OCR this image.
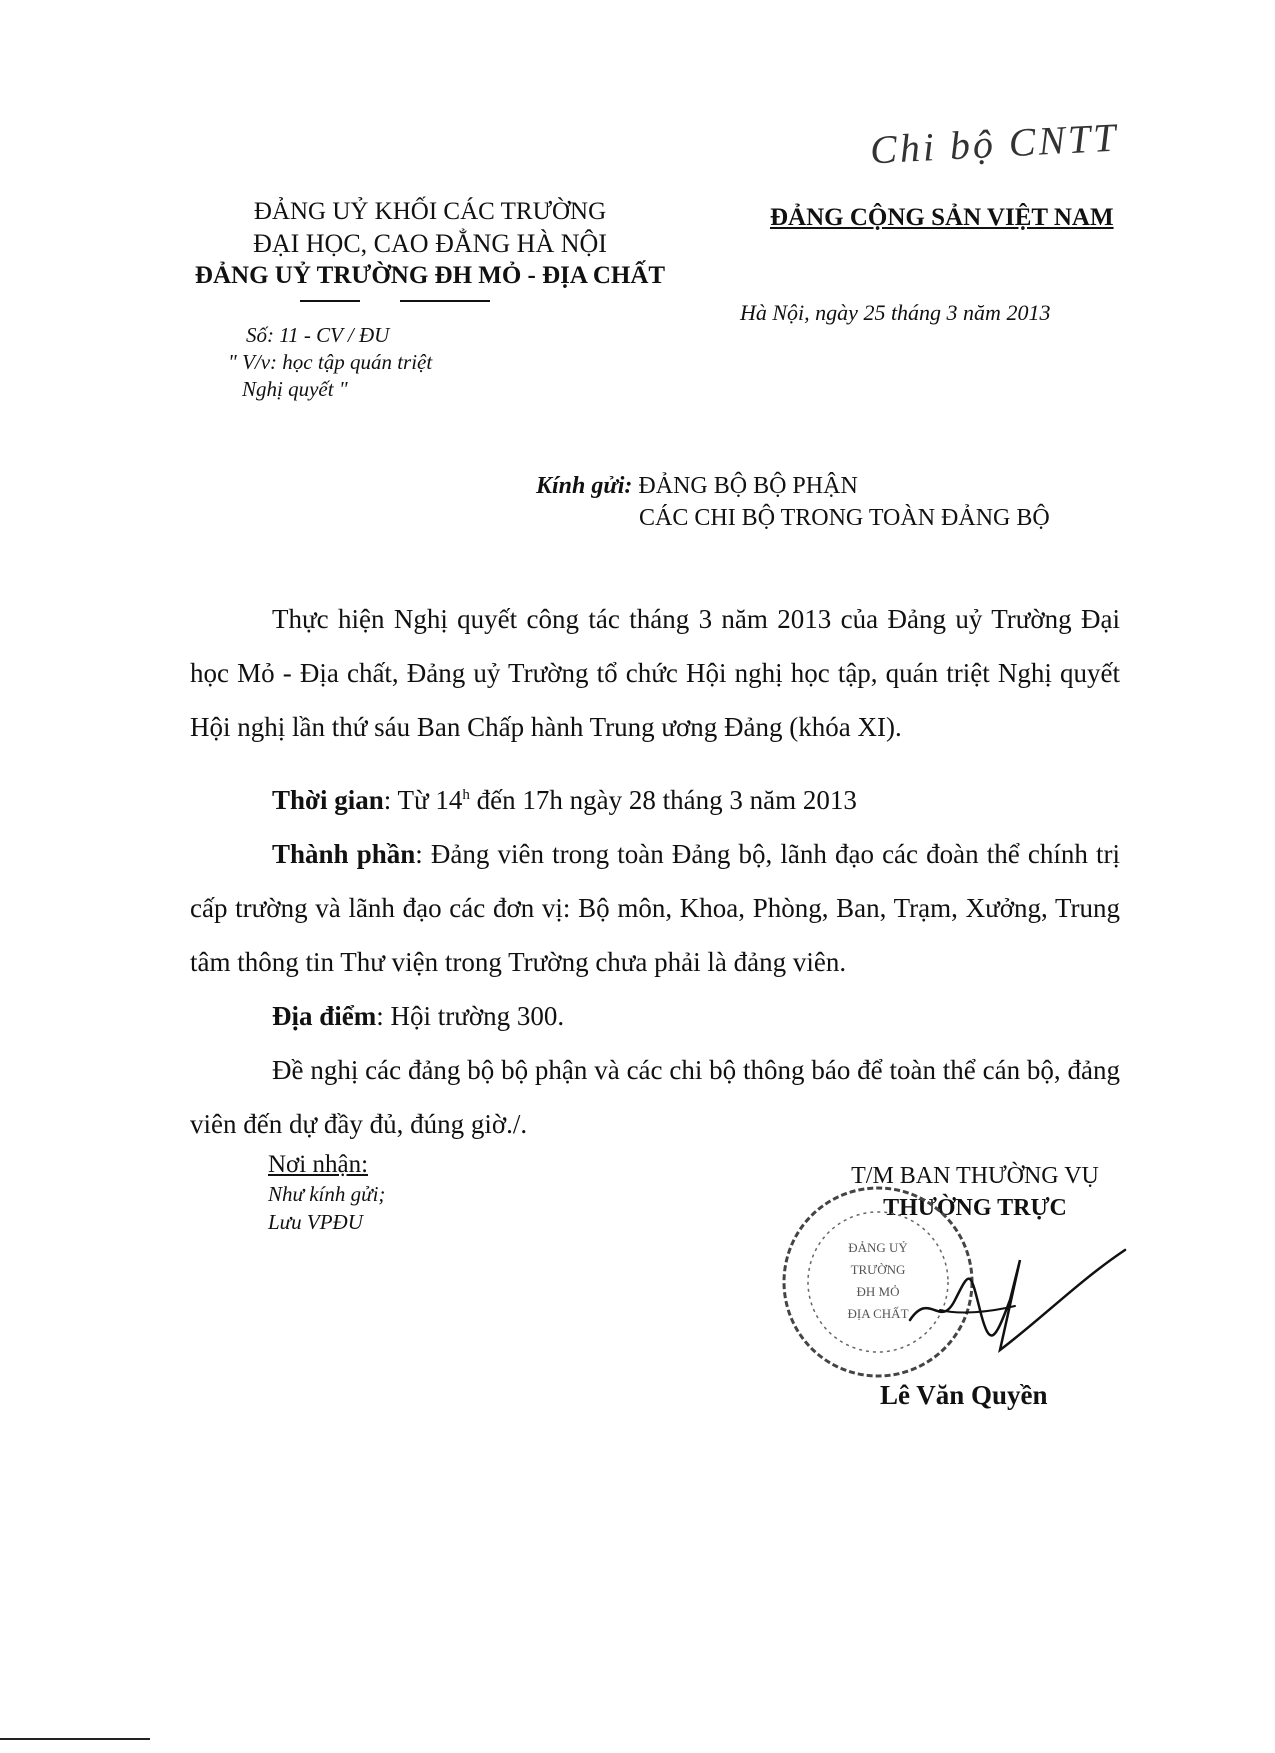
Chi bộ CNTT
ĐẢNG UỶ KHỐI CÁC TRƯỜNG
ĐẠI HỌC, CAO ĐẲNG HÀ NỘI
ĐẢNG UỶ TRƯỜNG ĐH MỎ - ĐỊA CHẤT
Số: 11 - CV / ĐU
" V/v: học tập quán triệt
Nghị quyết "
ĐẢNG CỘNG SẢN VIỆT NAM
Hà Nội, ngày 25 tháng 3 năm 2013
Kính gửi: ĐẢNG BỘ BỘ PHẬN
CÁC CHI BỘ TRONG TOÀN ĐẢNG BỘ

Thực hiện Nghị quyết công tác tháng 3 năm 2013 của Đảng uỷ Trường Đại học Mỏ - Địa chất, Đảng uỷ Trường tổ chức Hội nghị học tập, quán triệt Nghị quyết Hội nghị lần thứ sáu Ban Chấp hành Trung ương Đảng (khóa XI).

Thời gian: Từ 14$^h$ đến 17h ngày 28 tháng 3 năm 2013

Thành phần: Đảng viên trong toàn Đảng bộ, lãnh đạo các đoàn thể chính trị cấp trường và lãnh đạo các đơn vị: Bộ môn, Khoa, Phòng, Ban, Trạm, Xưởng, Trung tâm thông tin Thư viện trong Trường chưa phải là đảng viên.

Địa điểm: Hội trường 300.

Đề nghị các đảng bộ bộ phận và các chi bộ thông báo để toàn thể cán bộ, đảng viên đến dự đầy đủ, đúng giờ./.

Nơi nhận:
Như kính gửi;
Lưu VPĐU
T/M BAN THƯỜNG VỤ
THƯỜNG TRỰC
ĐẢNG UỶ
TRƯỜNG
ĐH MỎ
ĐỊA CHẤT
Lê Văn Quyền
